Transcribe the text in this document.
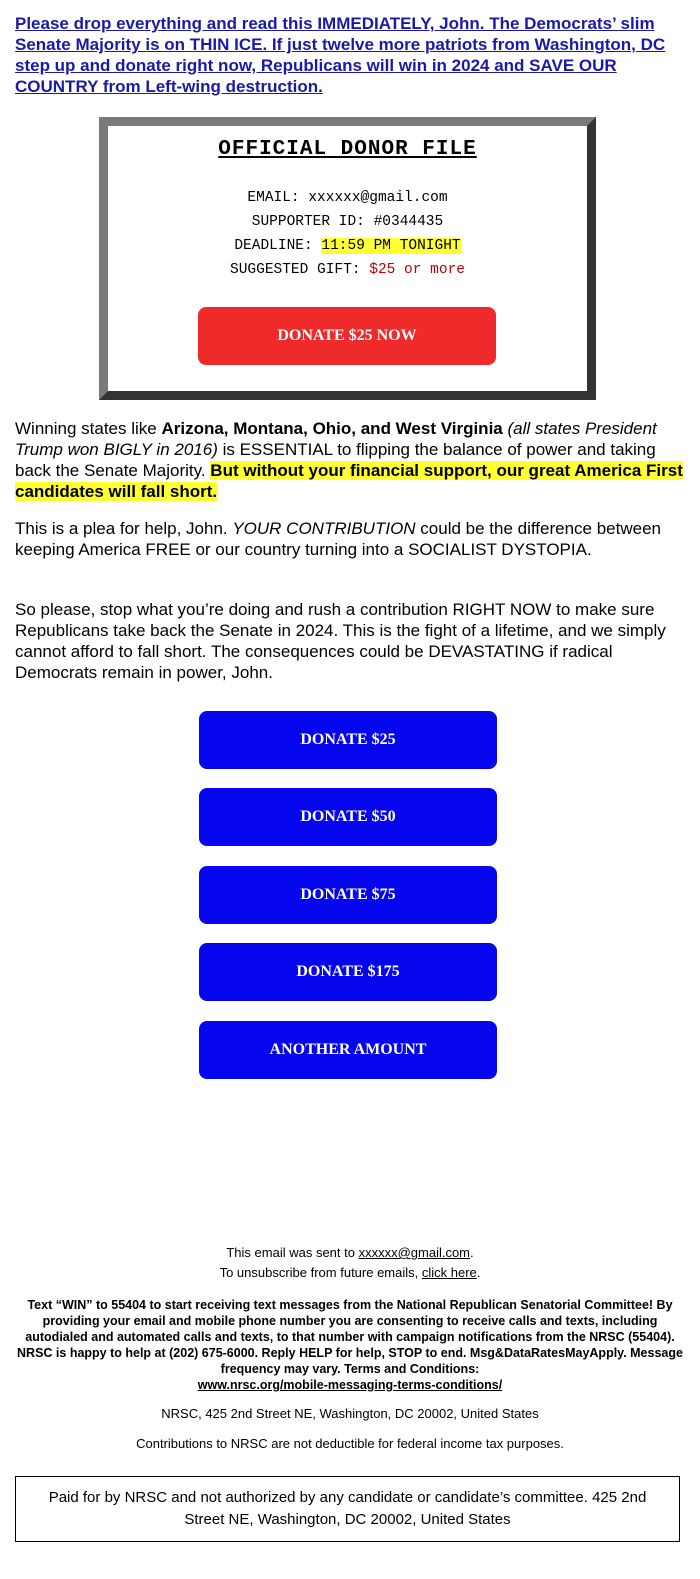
Please drop everything and read this IMMEDIATELY, John. The Democrats’ slim Senate Majority is on THIN ICE. If just twelve more patriots from Washington, DC step up and donate right now, Republicans will win in 2024 and SAVE OUR COUNTRY from Left-wing destruction.

OFFICIAL DONOR FILE
EMAIL: xxxxxx@gmail.com
SUPPORTER ID: #0344435
DEADLINE: 11:59 PM TONIGHT
SUGGESTED GIFT: $25 or more
DONATE $25 NOW

Winning states like Arizona, Montana, Ohio, and West Virginia (all states President Trump won BIGLY in 2016) is ESSENTIAL to flipping the balance of power and taking back the Senate Majority. But without your financial support, our great America First candidates will fall short.

This is a plea for help, John. YOUR CONTRIBUTION could be the difference between keeping America FREE or our country turning into a SOCIALIST DYSTOPIA.

So please, stop what you’re doing and rush a contribution RIGHT NOW to make sure Republicans take back the Senate in 2024. This is the fight of a lifetime, and we simply cannot afford to fall short. The consequences could be DEVASTATING if radical Democrats remain in power, John.

DONATE $25
DONATE $50
DONATE $75
DONATE $175
ANOTHER AMOUNT
This email was sent to xxxxxx@gmail.com.
To unsubscribe from future emails, click here.
Text “WIN” to 55404 to start receiving text messages from the National Republican Senatorial Committee! By providing your email and mobile phone number you are consenting to receive calls and texts, including autodialed and automated calls and texts, to that number with campaign notifications from the NRSC (55404). NRSC is happy to help at (202) 675-6000. Reply HELP for help, STOP to end. Msg&DataRatesMayApply. Message frequency may vary. Terms and Conditions:
www.nrsc.org/mobile-messaging-terms-conditions/
NRSC, 425 2nd Street NE, Washington, DC 20002, United States
Contributions to NRSC are not deductible for federal income tax purposes.
Paid for by NRSC and not authorized by any candidate or candidate’s committee. 425 2nd Street NE, Washington, DC 20002, United States
